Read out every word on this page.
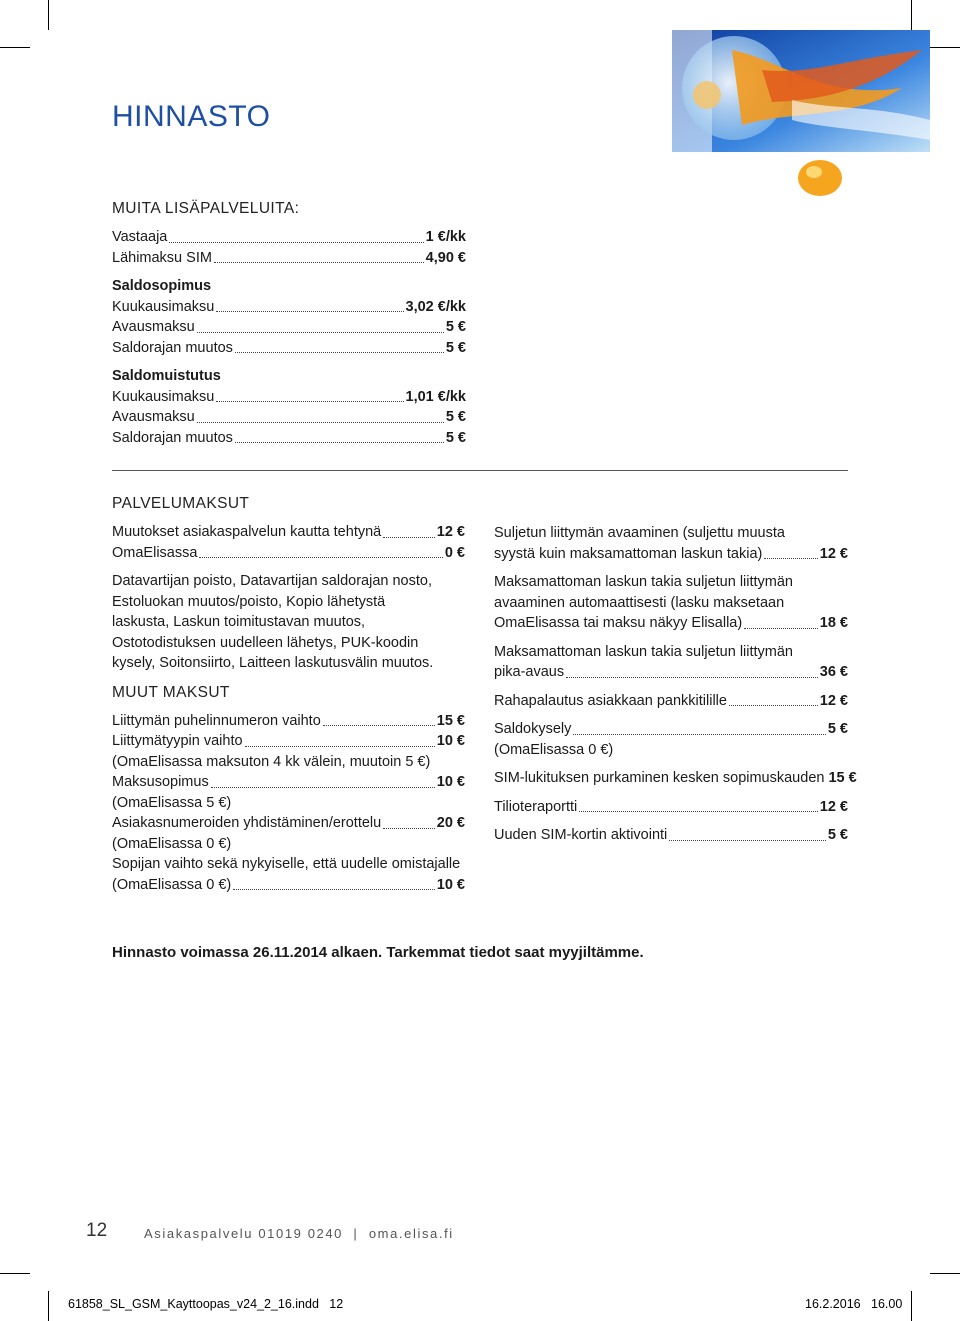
HINNASTO
MUITA LISÄPALVELUITA:
Vastaaja	1 €/kk
Lähimaksu SIM	4,90 €
Saldosopimus
Kuukausimaksu	3,02 €/kk
Avausmaksu	5 €
Saldorajan muutos	5 €
Saldomuistutus
Kuukausimaksu	1,01 €/kk
Avausmaksu	5 €
Saldorajan muutos	5 €
PALVELUMAKSUT
Muutokset asiakaspalvelun kautta tehtynä	12 €
OmaElisassa	0 €

Datavartijan poisto, Datavartijan saldorajan nosto, Estoluokan muutos/poisto, Kopio lähetystä laskusta, Laskun toimitustavan muutos, Ostotodistuksen uudelleen lähetys, PUK-koodin kysely, Soitonsiirto, Laitteen laskutusvälin muutos.

MUUT MAKSUT
Liittymän puhelinnumeron vaihto	15 €
Liittymätyypin vaihto	10 €
(OmaElisassa maksuton 4 kk välein, muutoin 5 €)
Maksusopimus	10 €
(OmaElisassa 5 €)
Asiakasnumeroiden yhdistäminen/erottelu	20 €
(OmaElisassa 0 €)
Sopijan vaihto sekä nykyiselle, että uudelle omistajalle
(OmaElisassa 0 €)	10 €
Suljetun liittymän avaaminen (suljettu muusta
syystä kuin maksamattoman laskun takia)	12 €
Maksamattoman laskun takia suljetun liittymän
avaaminen automaattisesti (lasku maksetaan
OmaElisassa tai maksu näkyy Elisalla)	18 €
Maksamattoman laskun takia suljetun liittymän
pika-avaus	36 €
Rahapalautus asiakkaan pankkitilille	12 €
Saldokysely	5 €
(OmaElisassa 0 €)
SIM-lukituksen purkaminen kesken sopimuskauden 15 €
Tilioteraportti	12 €
Uuden SIM-kortin aktivointi	5 €

Hinnasto voimassa 26.11.2014 alkaen. Tarkemmat tiedot saat myyjiltämme.

12	Asiakaspalvelu 01019 0240  |  oma.elisa.fi
61858_SL_GSM_Kayttoopas_v24_2_16.indd   12	16.2.2016   16.00
